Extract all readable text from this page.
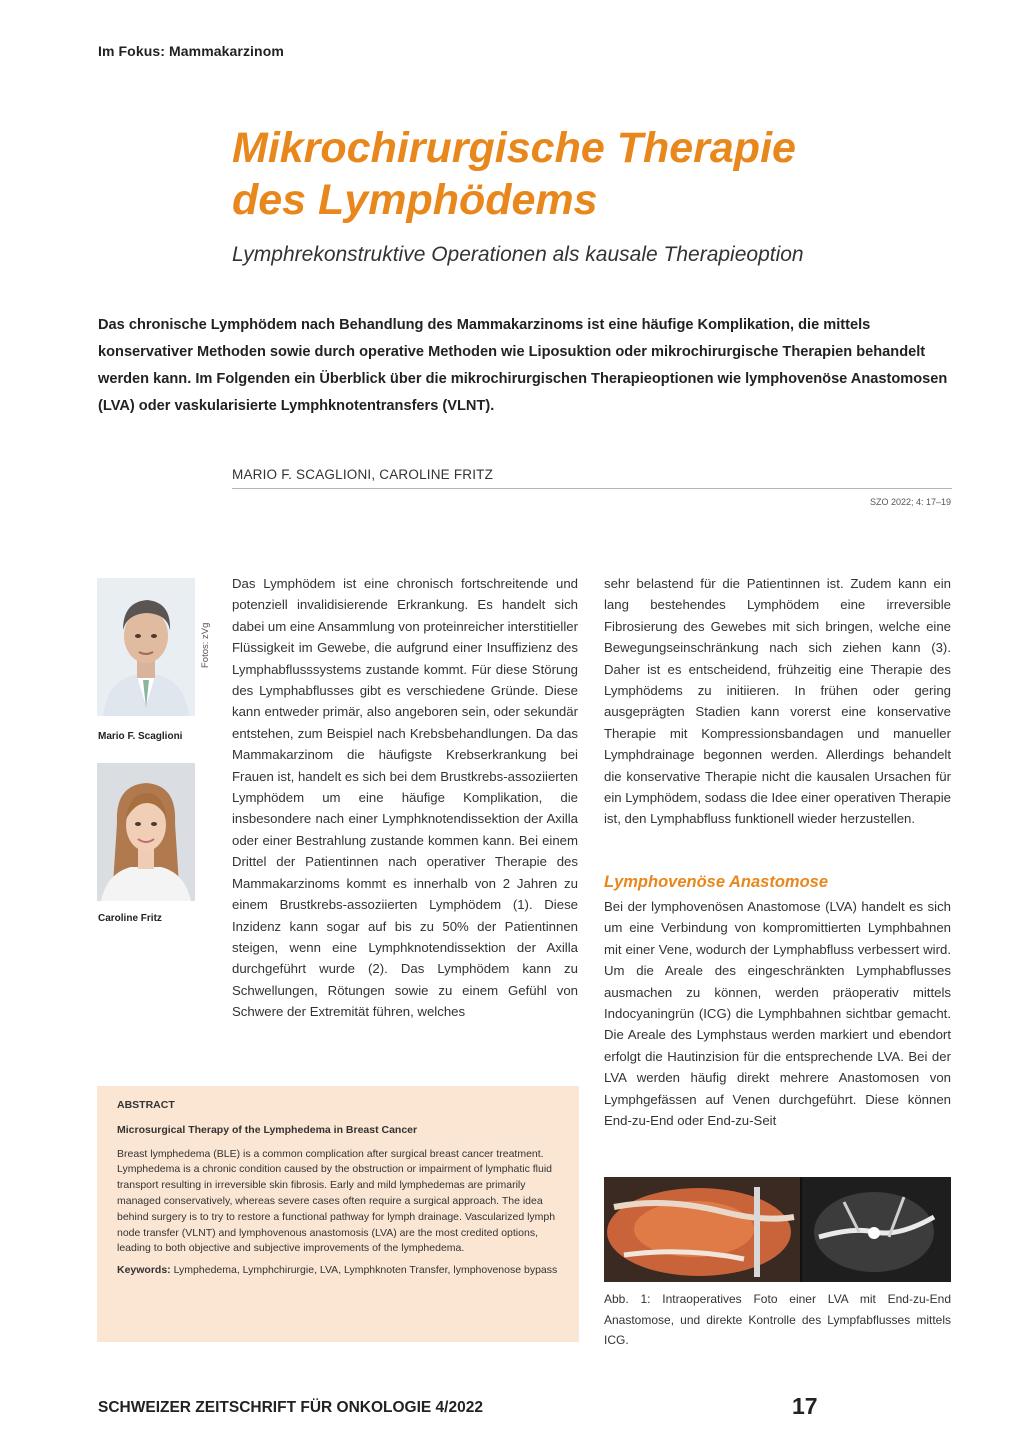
Im Fokus: Mammakarzinom
Mikrochirurgische Therapie
des Lymphödems
Lymphrekonstruktive Operationen als kausale Therapieoption
Das chronische Lymphödem nach Behandlung des Mammakarzinoms ist eine häufige Komplikation, die mittels konservativer Methoden sowie durch operative Methoden wie Liposuktion oder mikrochirurgische Therapien behandelt werden kann. Im Folgenden ein Überblick über die mikrochirurgischen Therapieoptionen wie lymphovenöse Anastomosen (LVA) oder vaskularisierte Lymphknotentransfers (VLNT).
MARIO F. SCAGLIONI, CAROLINE FRITZ
SZO 2022; 4: 17–19
Mario F. Scaglioni
Fotos: zVg
Caroline Fritz

Das Lymphödem ist eine chronisch fortschreitende und potenziell invalidisierende Erkrankung. Es handelt sich dabei um eine Ansammlung von proteinreicher interstitieller Flüssigkeit im Gewebe, die aufgrund einer Insuffizienz des Lymphabflusssystems zustande kommt. Für diese Störung des Lymphabflusses gibt es verschiedene Gründe. Diese kann entweder primär, also angeboren sein, oder sekundär entstehen, zum Beispiel nach Krebsbehandlungen. Da das Mammakarzinom die häufigste Krebserkrankung bei Frauen ist, handelt es sich bei dem Brustkrebs-assoziierten Lymphödem um eine häufige Komplikation, die insbesondere nach einer Lymphknotendissektion der Axilla oder einer Bestrahlung zustande kommen kann. Bei einem Drittel der Patientinnen nach operativer Therapie des Mammakarzinoms kommt es innerhalb von 2 Jahren zu einem Brustkrebs-assoziierten Lymphödem (1). Diese Inzidenz kann sogar auf bis zu 50% der Patientinnen steigen, wenn eine Lymphknotendissektion der Axilla durchgeführt wurde (2). Das Lymphödem kann zu Schwellungen, Rötungen sowie zu einem Gefühl von Schwere der Extremität führen, welches

sehr belastend für die Patientinnen ist. Zudem kann ein lang bestehendes Lymphödem eine irreversible Fibrosierung des Gewebes mit sich bringen, welche eine Bewegungseinschränkung nach sich ziehen kann (3). Daher ist es entscheidend, frühzeitig eine Therapie des Lymphödems zu initiieren. In frühen oder gering ausgeprägten Stadien kann vorerst eine konservative Therapie mit Kompressionsbandagen und manueller Lymphdrainage begonnen werden. Allerdings behandelt die konservative Therapie nicht die kausalen Ursachen für ein Lymphödem, sodass die Idee einer operativen Therapie ist, den Lymphabfluss funktionell wieder herzustellen.

Lymphovenöse Anastomose

Bei der lymphovenösen Anastomose (LVA) handelt es sich um eine Verbindung von kompromittierten Lymphbahnen mit einer Vene, wodurch der Lymphabfluss verbessert wird. Um die Areale des eingeschränkten Lymphabflusses ausmachen zu können, werden präoperativ mittels Indocyaningrün (ICG) die Lymphbahnen sichtbar gemacht. Die Areale des Lymphstaus werden markiert und ebendort erfolgt die Hautinzision für die entsprechende LVA. Bei der LVA werden häufig direkt mehrere Anastomosen von Lymphgefässen auf Venen durchgeführt. Diese können End-zu-End oder End-zu-Seit

ABSTRACT
Microsurgical Therapy of the Lymphedema in Breast Cancer

Breast lymphedema (BLE) is a common complication after surgical breast cancer treatment. Lymphedema is a chronic condition caused by the obstruction or impairment of lymphatic fluid transport resulting in irreversible skin fibrosis. Early and mild lymphedemas are primarily managed conservatively, whereas severe cases often require a surgical approach. The idea behind surgery is to try to restore a functional pathway for lymph drainage. Vascularized lymph node transfer (VLNT) and lymphovenous anastomosis (LVA) are the most credited options, leading to both objective and subjective improvements of the lymphedema.

Keywords: Lymphedema, Lymphchirurgie, LVA, Lymphknoten Transfer, lymphovenose bypass
Abb. 1: Intraoperatives Foto einer LVA mit End-zu-End Anastomose, und direkte Kontrolle des Lympfabflusses mittels ICG.
SCHWEIZER ZEITSCHRIFT FÜR ONKOLOGIE 4/2022	17
